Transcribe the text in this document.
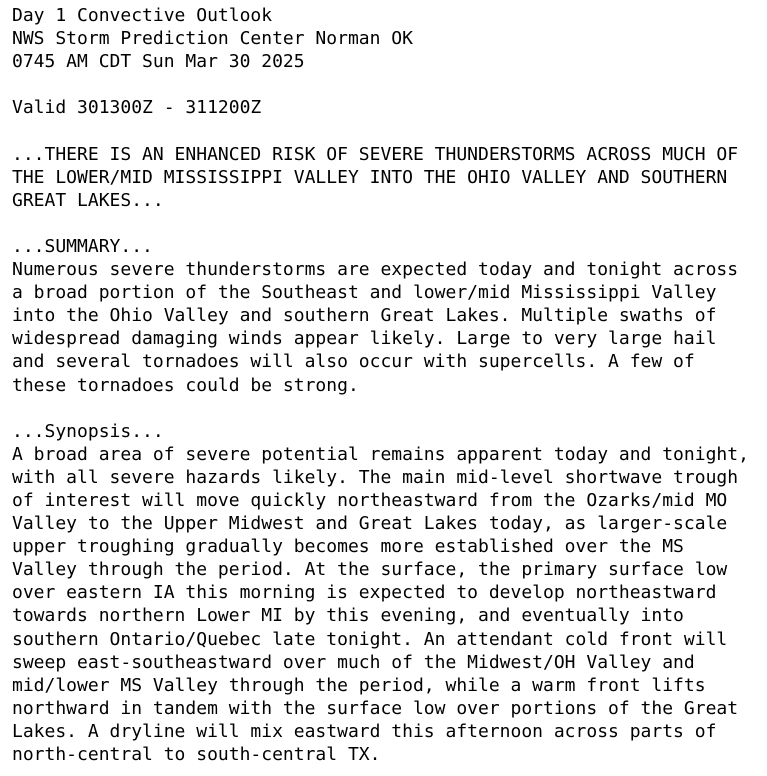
Day 1 Convective Outlook
NWS Storm Prediction Center Norman OK
0745 AM CDT Sun Mar 30 2025
Valid 301300Z - 311200Z
...THERE IS AN ENHANCED RISK OF SEVERE THUNDERSTORMS ACROSS MUCH OF
THE LOWER/MID MISSISSIPPI VALLEY INTO THE OHIO VALLEY AND SOUTHERN
GREAT LAKES...
...SUMMARY...
Numerous severe thunderstorms are expected today and tonight across
a broad portion of the Southeast and lower/mid Mississippi Valley
into the Ohio Valley and southern Great Lakes. Multiple swaths of
widespread damaging winds appear likely. Large to very large hail
and several tornadoes will also occur with supercells. A few of
these tornadoes could be strong.
...Synopsis...
A broad area of severe potential remains apparent today and tonight,
with all severe hazards likely. The main mid-level shortwave trough
of interest will move quickly northeastward from the Ozarks/mid MO
Valley to the Upper Midwest and Great Lakes today, as larger-scale
upper troughing gradually becomes more established over the MS
Valley through the period. At the surface, the primary surface low
over eastern IA this morning is expected to develop northeastward
towards northern Lower MI by this evening, and eventually into
southern Ontario/Quebec late tonight. An attendant cold front will
sweep east-southeastward over much of the Midwest/OH Valley and
mid/lower MS Valley through the period, while a warm front lifts
northward in tandem with the surface low over portions of the Great
Lakes. A dryline will mix eastward this afternoon across parts of
north-central to south-central TX.
